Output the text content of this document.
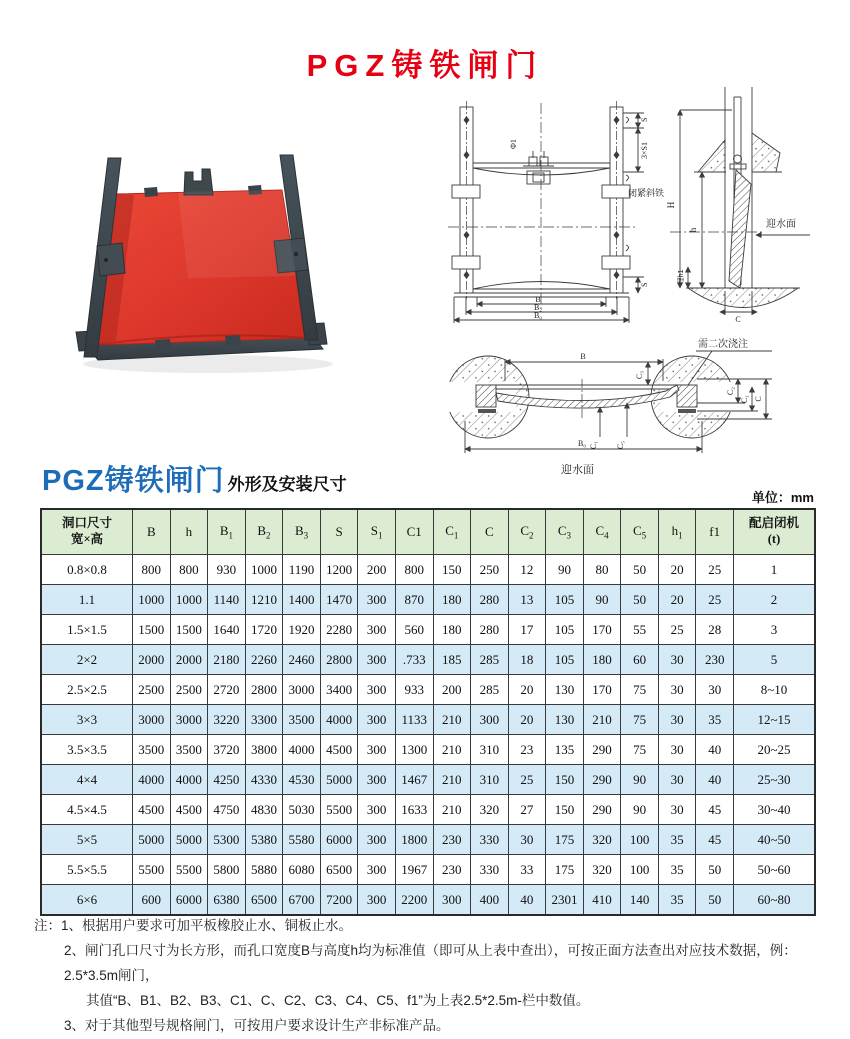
PGZ铸铁闸门
Φ1
S
3×S1
S
闭紧斜铁
B
B₂
B₀
H
h	迎水面
埋h1
C
需二次浇注
B
C₃
C₁ C₅
B₀
C₂
C₁ C
迎水面
PGZ铸铁闸门 外形及安装尺寸
单位：mm
洞口尺寸
宽×高	B	h	$B_1$	$B_2$	$B_3$	S	$S_1$	C1	$C_1$	C	$C_2$	$C_3$	$C_4$	$C_5$	$h_1$	f1	
配启闭机
(t)

0.8×0.8	800	800	930	1000	1190	1200	200	800	150	250	12	90	80	50	20	25	1
1.1	1000	1000	1140	1210	1400	1470	300	870	180	280	13	105	90	50	20	25	2
1.5×1.5	1500	1500	1640	1720	1920	2280	300	560	180	280	17	105	170	55	25	28	3
2×2	2000	2000	2180	2260	2460	2800	300	.733	185	285	18	105	180	60	30	230	5
2.5×2.5	2500	2500	2720	2800	3000	3400	300	933	200	285	20	130	170	75	30	30	8~10
3×3	3000	3000	3220	3300	3500	4000	300	1133	210	300	20	130	210	75	30	35	12~15
3.5×3.5	3500	3500	3720	3800	4000	4500	300	1300	210	310	23	135	290	75	30	40	20~25
4×4	4000	4000	4250	4330	4530	5000	300	1467	210	310	25	150	290	90	30	40	25~30
4.5×4.5	4500	4500	4750	4830	5030	5500	300	1633	210	320	27	150	290	90	30	45	30~40
5×5	5000	5000	5300	5380	5580	6000	300	1800	230	330	30	175	320	100	35	45	40~50
5.5×5.5	5500	5500	5800	5880	6080	6500	300	1967	230	330	33	175	320	100	35	50	50~60
6×6	600	6000	6380	6500	6700	7200	300	2200	300	400	40	2301	410	140	35	50	60~80
注：1、根据用户要求可加平板橡胶止水、铜板止水。
2、闸门孔口尺寸为长方形，而孔口宽度B与高度h均为标准值（即可从上表中查出），可按正面方法查出对应技术数据，例：2.5*3.5m闸门，
其值“B、B1、B2、B3、C1、C、C2、C3、C4、C5、f1”为上表2.5*2.5m-栏中数值。
3、对于其他型号规格闸门，可按用户要求设计生产非标准产品。
